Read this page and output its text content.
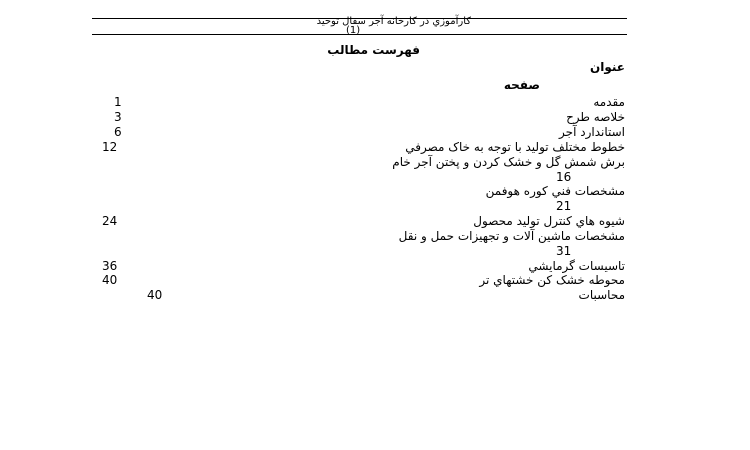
کارآموزي در کارخانه آجر سفال توحيد
(1)
فهرست مطالب
عنوان
صفحه
مقدمه
1
خلاصه طرح
3
استاندارد آجر
6
خطوط مختلف توليد با توجه به خاک مصرفي
12
برش شمش گل و خشک کردن و پختن آجر خام
16
مشخصات فني کوره هوفمن
21
شيوه هاي کنترل توليد محصول
24
مشخصات ماشين آلات و تجهيزات حمل و نقل
31
تاسيسات گرمايشي
36
محوطه خشک کن خشتهاي تر
40
محاسبات
40
